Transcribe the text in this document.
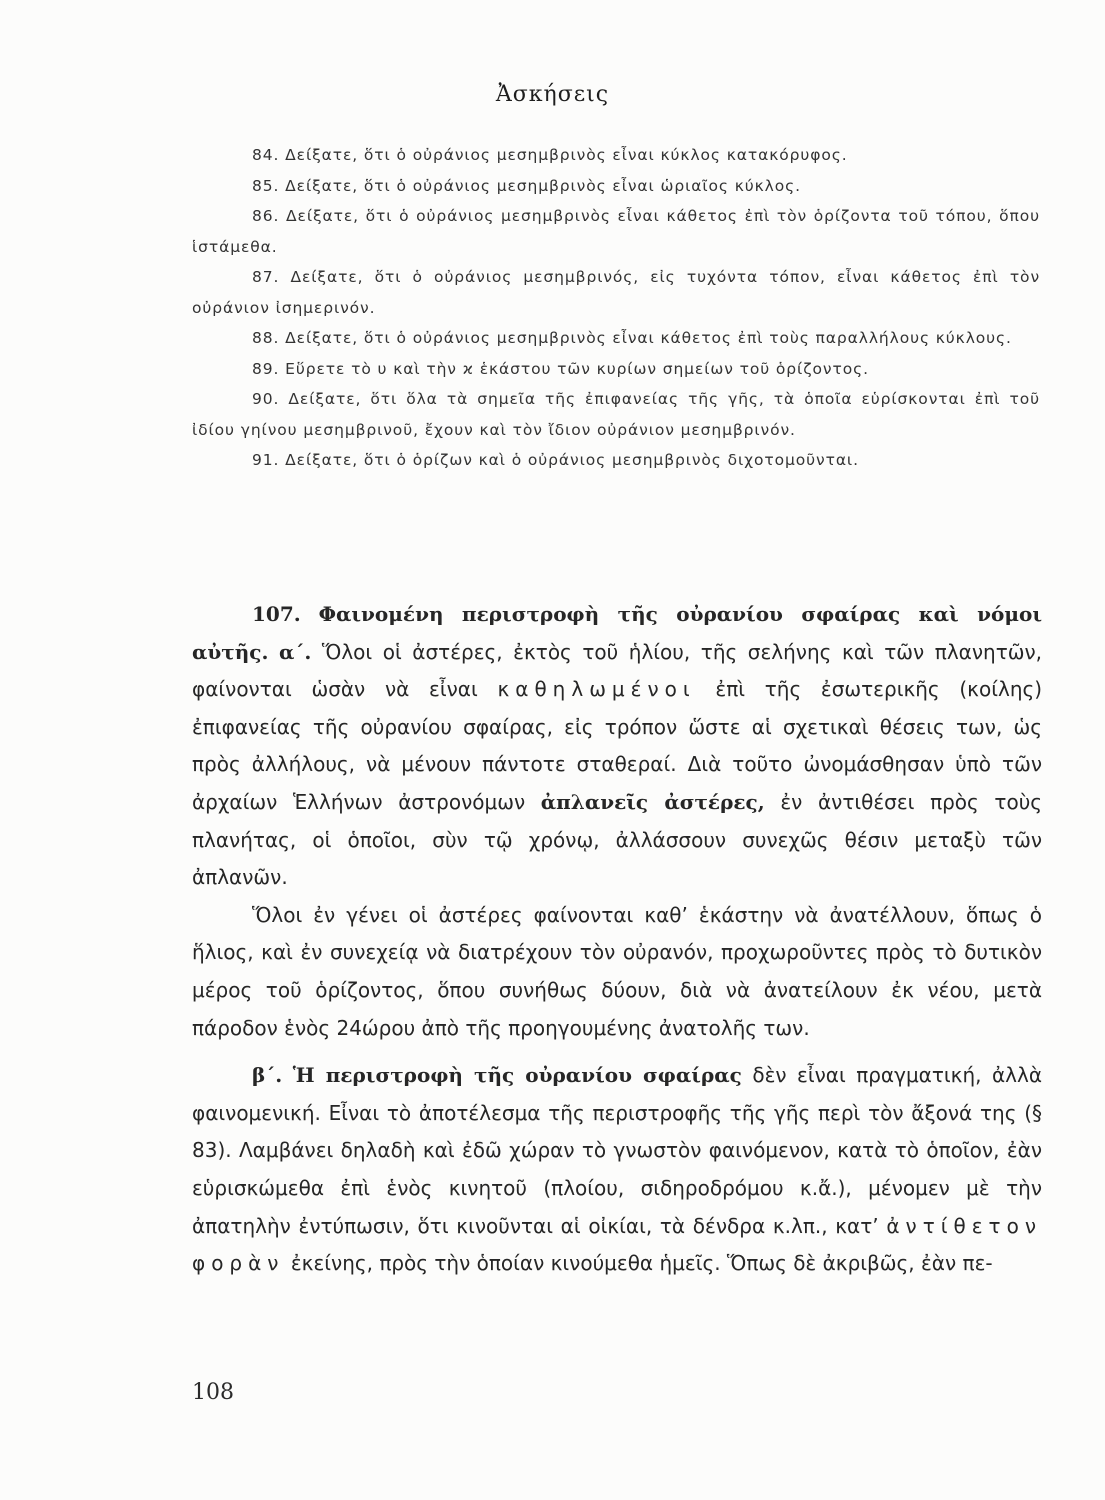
Ἀσκήσεις

84. Δείξατε, ὅτι ὁ οὐράνιος μεσημβρινὸς εἶναι κύκλος κατακόρυφος.

85. Δείξατε, ὅτι ὁ οὐράνιος μεσημβρινὸς εἶναι ὡριαῖος κύκλος.

86. Δείξατε, ὅτι ὁ οὐράνιος μεσημβρινὸς εἶναι κάθετος ἐπὶ τὸν ὁρίζοντα τοῦ τόπου, ὅπου ἱστάμεθα.

87. Δείξατε, ὅτι ὁ οὐράνιος μεσημβρινός, εἰς τυχόντα τόπον, εἶναι κάθετος ἐπὶ τὸν οὐράνιον ἰσημερινόν.

88. Δείξατε, ὅτι ὁ οὐράνιος μεσημβρινὸς εἶναι κάθετος ἐπὶ τοὺς παραλλήλους κύκλους.

89. Εὕρετε τὸ υ καὶ τὴν ϰ ἑκάστου τῶν κυρίων σημείων τοῦ ὁρίζοντος.

90. Δείξατε, ὅτι ὅλα τὰ σημεῖα τῆς ἐπιφανείας τῆς γῆς, τὰ ὁποῖα εὑρίσκονται ἐπὶ τοῦ ἰδίου γηίνου μεσημβρινοῦ, ἔχουν καὶ τὸν ἴδιον οὐράνιον μεσημβρινόν.

91. Δείξατε, ὅτι ὁ ὁρίζων καὶ ὁ οὐράνιος μεσημβρινὸς διχοτομοῦνται.

107. Φαινομένη περιστροφὴ τῆς οὐρανίου σφαίρας καὶ νόμοι αὐτῆς. α΄. Ὅλοι οἱ ἀστέρες, ἐκτὸς τοῦ ἡλίου, τῆς σελήνης καὶ τῶν πλανητῶν, φαίνονται ὡσὰν νὰ εἶναι καθηλωμένοι ἐπὶ τῆς ἐσωτερικῆς (κοίλης) ἐπιφανείας τῆς οὐρανίου σφαίρας, εἰς τρόπον ὥστε αἱ σχετικαὶ θέσεις των, ὡς πρὸς ἀλλήλους, νὰ μένουν πάντοτε σταθεραί. Διὰ τοῦτο ὠνομάσθησαν ὑπὸ τῶν ἀρχαίων Ἑλλήνων ἀστρονόμων ἀπλανεῖς ἀστέρες, ἐν ἀντιθέσει πρὸς τοὺς πλανήτας, οἱ ὁποῖοι, σὺν τῷ χρόνῳ, ἀλλάσσουν συνεχῶς θέσιν μεταξὺ τῶν ἀπλανῶν.

Ὅλοι ἐν γένει οἱ ἀστέρες φαίνονται καθ’ ἑκάστην νὰ ἀνατέλλουν, ὅπως ὁ ἥλιος, καὶ ἐν συνεχείᾳ νὰ διατρέχουν τὸν οὐρανόν, προχωροῦντες πρὸς τὸ δυτικὸν μέρος τοῦ ὁρίζοντος, ὅπου συνήθως δύουν, διὰ νὰ ἀνατείλουν ἐκ νέου, μετὰ πάροδον ἑνὸς 24ώρου ἀπὸ τῆς προηγουμένης ἀνατολῆς των.

β΄. Ἡ περιστροφὴ τῆς οὐρανίου σφαίρας δὲν εἶναι πραγματική, ἀλλὰ φαινομενική. Εἶναι τὸ ἀποτέλεσμα τῆς περιστροφῆς τῆς γῆς περὶ τὸν ἄξονά της (§ 83). Λαμβάνει δηλαδὴ καὶ ἐδῶ χώραν τὸ γνωστὸν φαινόμενον, κατὰ τὸ ὁποῖον, ἐὰν εὑρισκώμεθα ἐπὶ ἑνὸς κινητοῦ (πλοίου, σιδηροδρόμου κ.ἄ.), μένομεν μὲ τὴν ἀπατηλὴν ἐντύπωσιν, ὅτι κινοῦνται αἱ οἰκίαι, τὰ δένδρα κ.λπ., κατ’ ἀντίθετον φορὰν ἐκείνης, πρὸς τὴν ὁποίαν κινούμεθα ἡμεῖς. Ὅπως δὲ ἀκριβῶς, ἐὰν πε-

108
